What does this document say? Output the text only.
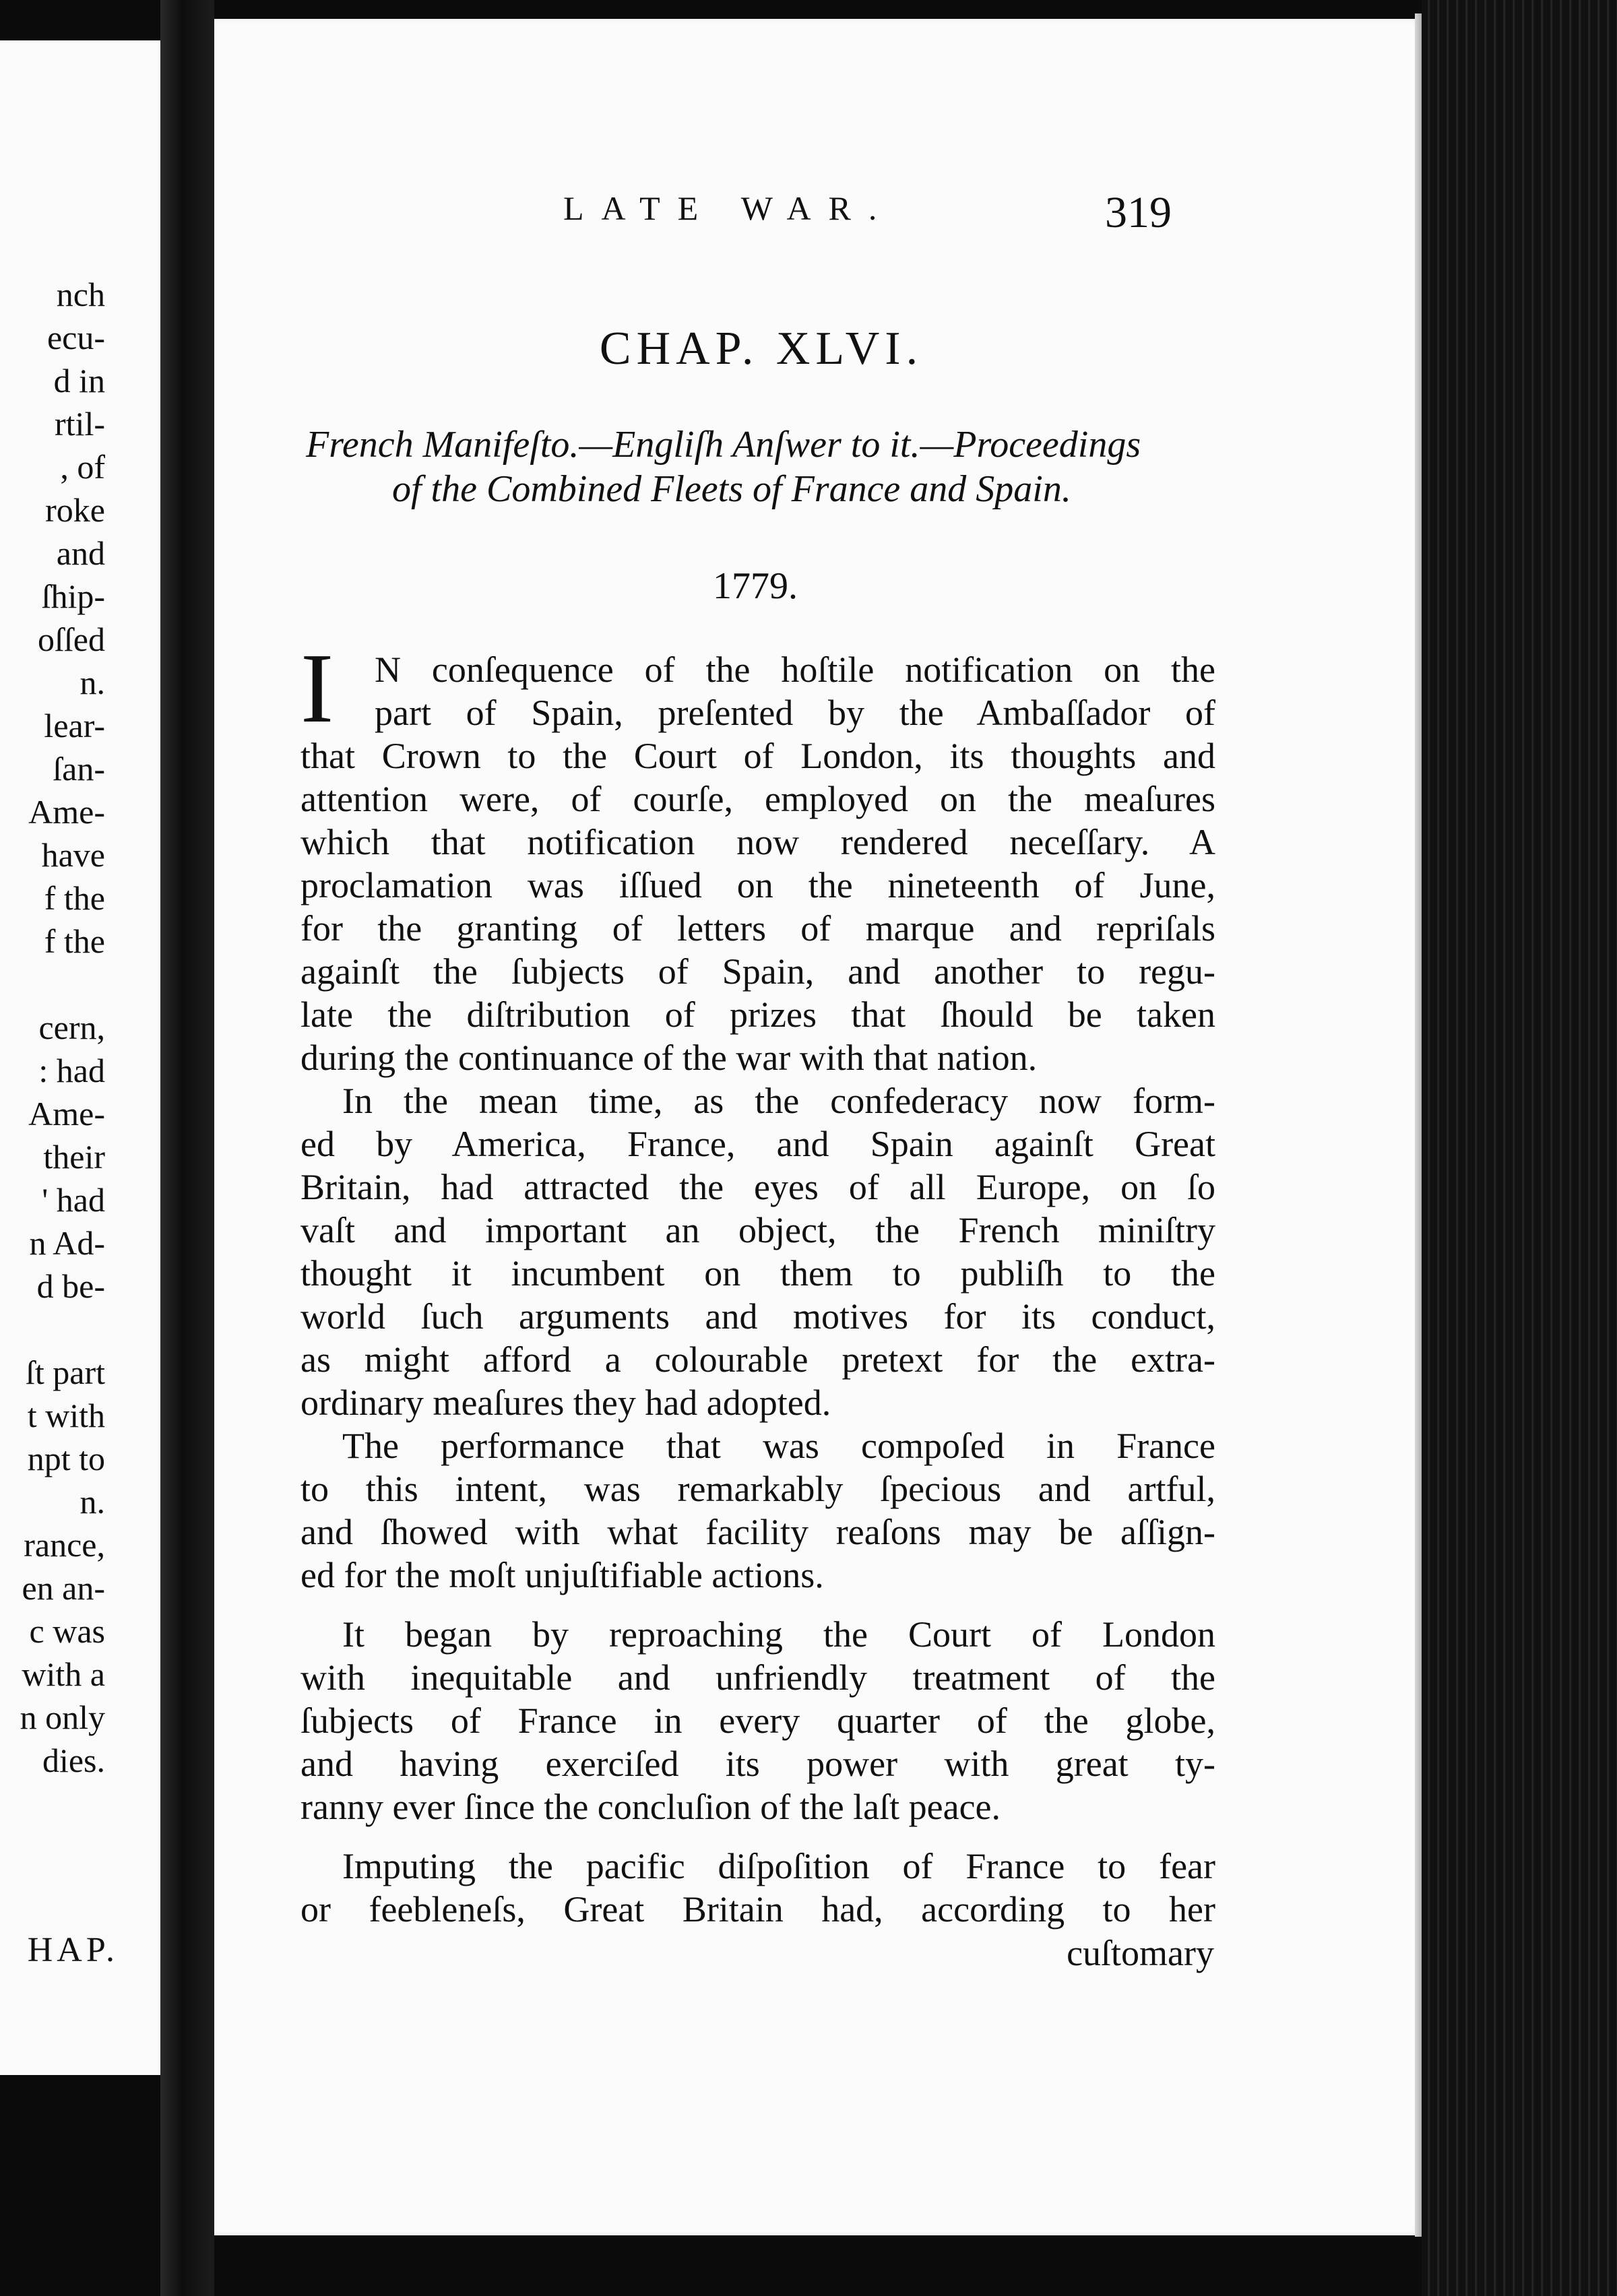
nch
ecu-
d in
rtil-
, of
roke
and
ſhip-
oſſed
n.
lear-
ſan-
Ame-
have
f the
f the
cern,
: had
Ame-
their
' had
n Ad-
d be-
ſt part
t with
npt to
n.
rance,
en an-
c was
with a
n only
dies.
HAP.
LATE WAR.	319
CHAP. XLVI.
French Manifeſto.—Engliſh Anſwer to it.—Proceedings
of the Combined Fleets of France and Spain.
1779.
I N conſequence of the hoſtile notification on the
part of Spain, preſented by the Ambaſſador of
that Crown to the Court of London, its thoughts and
attention were, of courſe, employed on the meaſures
which that notification now rendered neceſſary. A
proclamation was iſſued on the nineteenth of June,
for the granting of letters of marque and repriſals
againſt the ſubjects of Spain, and another to regu-
late the diſtribution of prizes that ſhould be taken
during the continuance of the war with that nation.
In the mean time, as the confederacy now form-
ed by America, France, and Spain againſt Great
Britain, had attracted the eyes of all Europe, on ſo
vaſt and important an object, the French miniſtry
thought it incumbent on them to publiſh to the
world ſuch arguments and motives for its conduct,
as might afford a colourable pretext for the extra-
ordinary meaſures they had adopted.
The performance that was compoſed in France
to this intent, was remarkably ſpecious and artful,
and ſhowed with what facility reaſons may be aſſign-
ed for the moſt unjuſtifiable actions.
It began by reproaching the Court of London
with inequitable and unfriendly treatment of the
ſubjects of France in every quarter of the globe,
and having exerciſed its power with great ty-
ranny ever ſince the concluſion of the laſt peace.
Imputing the pacific diſpoſition of France to fear
or feebleneſs, Great Britain had, according to her
cuſtomary
